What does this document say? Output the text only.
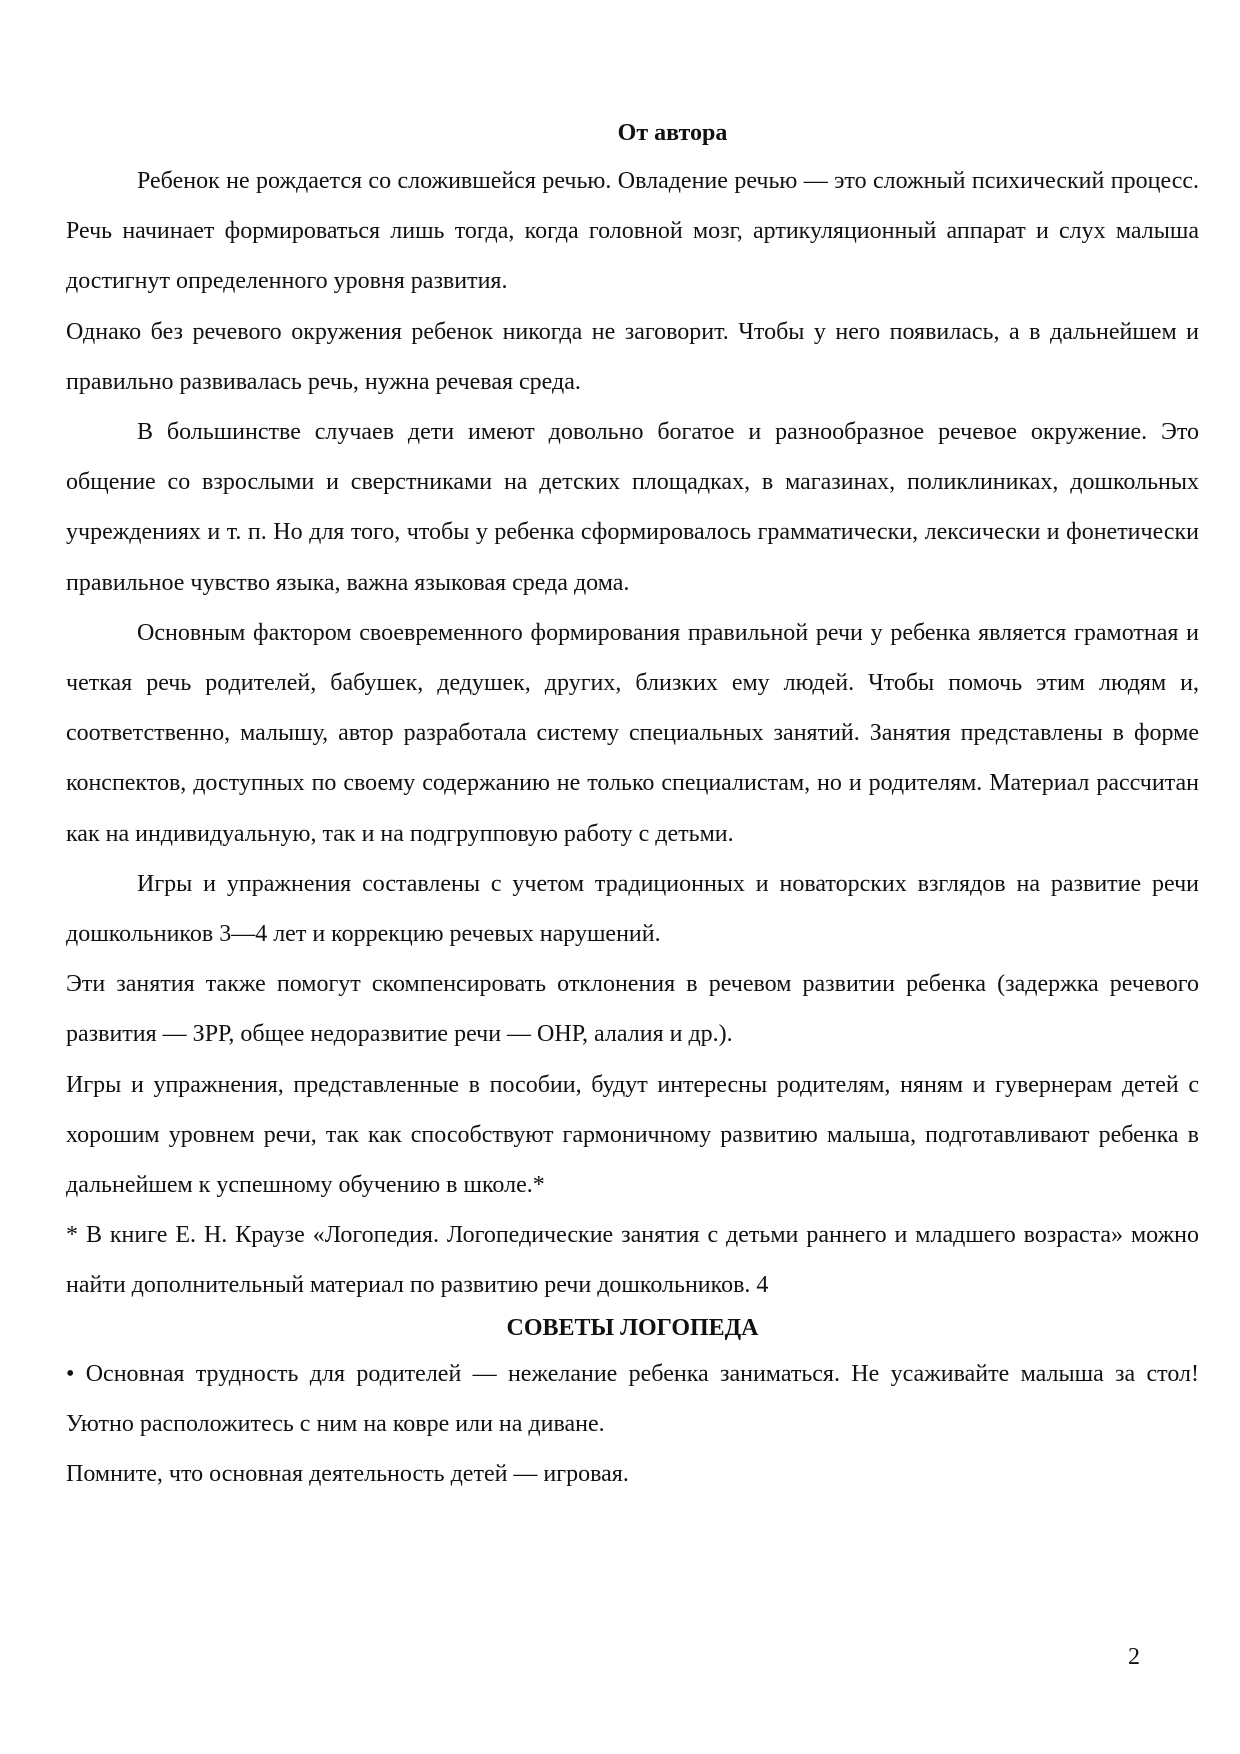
От автора

Ребенок не рождается со сложившейся речью. Овладение речью — это сложный психический процесс. Речь начинает формироваться лишь тогда, когда головной мозг, артикуляционный аппарат и слух малыша достигнут определенного уровня развития.

Однако без речевого окружения ребенок никогда не заговорит. Чтобы у него появилась, а в дальнейшем и правильно развивалась речь, нужна речевая среда.

В большинстве случаев дети имеют довольно богатое и разнообразное речевое окружение. Это общение со взрослыми и сверстниками на детских площадках, в магазинах, поликлиниках, дошкольных учреждениях и т. п. Но для того, чтобы у ребенка сформировалось грамматически, лексически и фонетически правильное чувство языка, важна языковая среда дома.

Основным фактором своевременного формирования правильной речи у ребенка является грамотная и четкая речь родителей, бабушек, дедушек, других, близких ему людей. Чтобы помочь этим людям и, соответственно, малышу, автор разработала систему специальных занятий. Занятия представлены в форме конспектов, доступных по своему содержанию не только специалистам, но и родителям. Материал рассчитан как на индивидуальную, так и на подгрупповую работу с детьми.

Игры и упражнения составлены с учетом традиционных и новаторских взглядов на развитие речи дошкольников 3—4 лет и коррекцию речевых нарушений.

Эти занятия также помогут скомпенсировать отклонения в речевом развитии ребенка (задержка речевого развития — ЗРР, общее недоразвитие речи — ОНР, алалия и др.).

Игры и упражнения, представленные в пособии, будут интересны родителям, няням и гувернерам детей с хорошим уровнем речи, так как способствуют гармоничному развитию малыша, подготавливают ребенка в дальнейшем к успешному обучению в школе.*

* В книге Е. Н. Краузе «Логопедия. Логопедические занятия с детьми раннего и младшего возраста» можно найти дополнительный материал по развитию речи дошкольников. 4

СОВЕТЫ ЛОГОПЕДА

• Основная трудность для родителей — нежелание ребенка заниматься. Не усаживайте малыша за стол! Уютно расположитесь с ним на ковре или на диване.

Помните, что основная деятельность детей — игровая.

2
